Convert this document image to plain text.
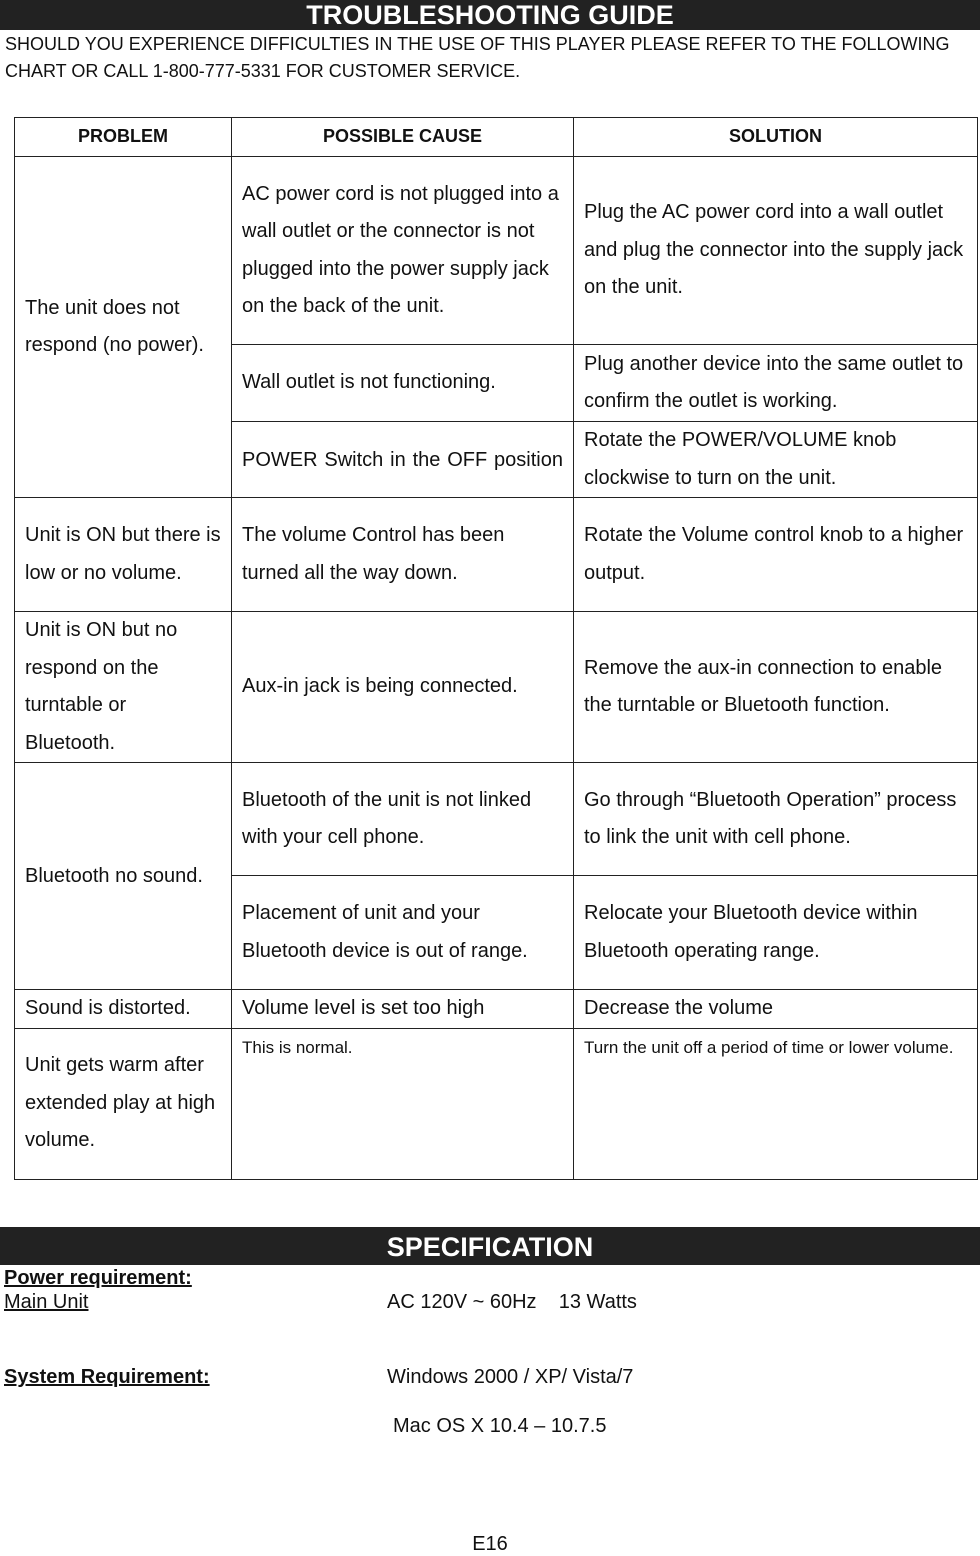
TROUBLESHOOTING GUIDE
SHOULD YOU EXPERIENCE DIFFICULTIES IN THE USE OF THIS PLAYER PLEASE REFER TO THE FOLLOWING CHART OR CALL 1-800-777-5331 FOR CUSTOMER SERVICE.
PROBLEM	POSSIBLE CAUSE	SOLUTION
The unit does not respond (no power).	AC power cord is not plugged into a wall outlet or the connector is not plugged into the power supply jack on the back of the unit.	Plug the AC power cord into a wall outlet and plug the connector into the supply jack on the unit.
	Wall outlet is not functioning.	Plug another device into the same outlet to confirm the outlet is working.
	POWER Switch in the OFF position	Rotate the POWER/VOLUME knob clockwise to turn on the unit.
Unit is ON but there is low or no volume.	The volume Control has been turned all the way down.	Rotate the Volume control knob to a higher output.
Unit is ON but no respond on the turntable or Bluetooth.	Aux-in jack is being connected.	Remove the aux-in connection to enable the turntable or Bluetooth function.
Bluetooth no sound.	Bluetooth of the unit is not linked with your cell phone.	Go through “Bluetooth Operation” process to link the unit with cell phone.
	Placement of unit and your Bluetooth device is out of range.	Relocate your Bluetooth device within Bluetooth operating range.
Sound is distorted.	Volume level is set too high	Decrease the volume
Unit gets warm after extended play at high volume.	This is normal.	Turn the unit off a period of time or lower volume.
SPECIFICATION
Power requirement:
Main Unit	AC 120V ~ 60Hz    13 Watts
System Requirement:	Windows 2000 / XP/ Vista/7
Mac OS X 10.4 – 10.7.5
E16
